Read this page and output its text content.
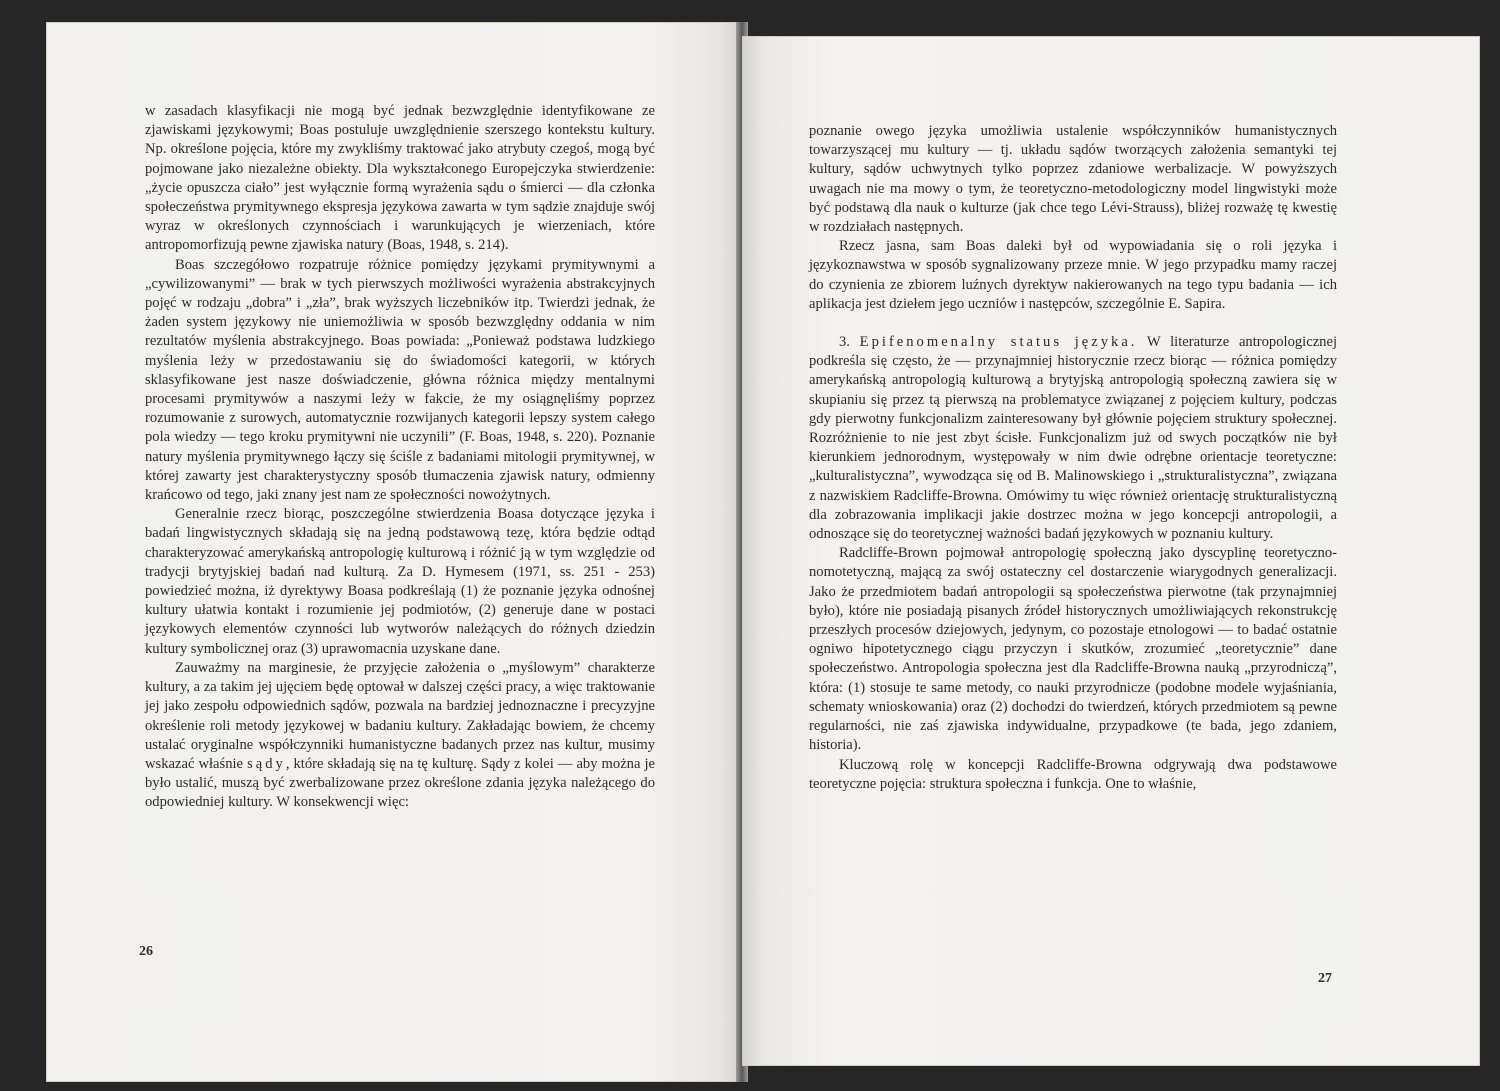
w zasadach klasyfikacji nie mogą być jednak bezwzględnie identyfikowane ze zjawiskami językowymi; Boas postuluje uwzględnienie szerszego kontekstu kultury. Np. określone pojęcia, które my zwykliśmy traktować jako atrybuty czegoś, mogą być pojmowane jako niezależne obiekty. Dla wykształconego Europejczyka stwierdzenie: „życie opuszcza ciało” jest wyłącznie formą wyrażenia sądu o śmierci — dla członka społeczeństwa prymitywnego ekspresja językowa zawarta w tym sądzie znajduje swój wyraz w określonych czynnościach i warunkujących je wierzeniach, które antropomorfizują pewne zjawiska natury (Boas, 1948, s. 214).

Boas szczegółowo rozpatruje różnice pomiędzy językami prymitywnymi a „cywilizowanymi” — brak w tych pierwszych możliwości wyrażenia abstrakcyjnych pojęć w rodzaju „dobra” i „zła”, brak wyższych liczebników itp. Twierdzi jednak, że żaden system językowy nie uniemożliwia w sposób bezwzględny oddania w nim rezultatów myślenia abstrakcyjnego. Boas powiada: „Ponieważ podstawa ludzkiego myślenia leży w przedostawaniu się do świadomości kategorii, w których sklasyfikowane jest nasze doświadczenie, główna różnica między mentalnymi procesami prymitywów a naszymi leży w fakcie, że my osiągnęliśmy poprzez rozumowanie z surowych, automatycznie rozwijanych kategorii lepszy system całego pola wiedzy — tego kroku prymitywni nie uczynili” (F. Boas, 1948, s. 220). Poznanie natury myślenia prymitywnego łączy się ściśle z badaniami mitologii prymitywnej, w której zawarty jest charakterystyczny sposób tłumaczenia zjawisk natury, odmienny krańcowo od tego, jaki znany jest nam ze społeczności nowożytnych.

Generalnie rzecz biorąc, poszczególne stwierdzenia Boasa dotyczące języka i badań lingwistycznych składają się na jedną podstawową tezę, która będzie odtąd charakteryzować amerykańską antropologię kulturową i różnić ją w tym względzie od tradycji brytyjskiej badań nad kulturą. Za D. Hymesem (1971, ss. 251 - 253) powiedzieć można, iż dyrektywy Boasa podkreślają (1) że poznanie języka odnośnej kultury ułatwia kontakt i rozumienie jej podmiotów, (2) generuje dane w postaci językowych elementów czynności lub wytworów należących do różnych dziedzin kultury symbolicznej oraz (3) uprawomacnia uzyskane dane.

Zauważmy na marginesie, że przyjęcie założenia o „myślowym” charakterze kultury, a za takim jej ujęciem będę optował w dalszej części pracy, a więc traktowanie jej jako zespołu odpowiednich sądów, pozwala na bardziej jednoznaczne i precyzyjne określenie roli metody językowej w badaniu kultury. Zakładając bowiem, że chcemy ustalać oryginalne współczynniki humanistyczne badanych przez nas kultur, musimy wskazać właśnie sądy, które składają się na tę kulturę. Sądy z kolei — aby można je było ustalić, muszą być zwerbalizowane przez określone zdania języka należącego do odpowiedniej kultury. W konsekwencji więc:

26

poznanie owego języka umożliwia ustalenie współczynników humanistycznych towarzyszącej mu kultury — tj. układu sądów tworzących założenia semantyki tej kultury, sądów uchwytnych tylko poprzez zdaniowe werbalizacje. W powyższych uwagach nie ma mowy o tym, że teoretyczno-metodologiczny model lingwistyki może być podstawą dla nauk o kulturze (jak chce tego Lévi-Strauss), bliżej rozważę tę kwestię w rozdziałach następnych.

Rzecz jasna, sam Boas daleki był od wypowiadania się o roli języka i językoznawstwa w sposób sygnalizowany przeze mnie. W jego przypadku mamy raczej do czynienia ze zbiorem luźnych dyrektyw nakierowanych na tego typu badania — ich aplikacja jest dziełem jego uczniów i następców, szczególnie E. Sapira.

3. Epifenomenalny status języka. W literaturze antropologicznej podkreśla się często, że — przynajmniej historycznie rzecz biorąc — różnica pomiędzy amerykańską antropologią kulturową a brytyjską antropologią społeczną zawiera się w skupianiu się przez tą pierwszą na problematyce związanej z pojęciem kultury, podczas gdy pierwotny funkcjonalizm zainteresowany był głównie pojęciem struktury społecznej. Rozróżnienie to nie jest zbyt ścisłe. Funkcjonalizm już od swych początków nie był kierunkiem jednorodnym, występowały w nim dwie odrębne orientacje teoretyczne: „kulturalistyczna”, wywodząca się od B. Malinowskiego i „strukturalistyczna”, związana z nazwiskiem Radcliffe-Browna. Omówimy tu więc również orientację strukturalistyczną dla zobrazowania implikacji jakie dostrzec można w jego koncepcji antropologii, a odnoszące się do teoretycznej ważności badań językowych w poznaniu kultury.

Radcliffe-Brown pojmował antropologię społeczną jako dyscyplinę teoretyczno-nomotetyczną, mającą za swój ostateczny cel dostarczenie wiarygodnych generalizacji. Jako że przedmiotem badań antropologii są społeczeństwa pierwotne (tak przynajmniej było), które nie posiadają pisanych źródeł historycznych umożliwiających rekonstrukcję przeszłych procesów dziejowych, jedynym, co pozostaje etnologowi — to badać ostatnie ogniwo hipotetycznego ciągu przyczyn i skutków, zrozumieć „teoretycznie” dane społeczeństwo. Antropologia społeczna jest dla Radcliffe-Browna nauką „przyrodniczą”, która: (1) stosuje te same metody, co nauki przyrodnicze (podobne modele wyjaśniania, schematy wnioskowania) oraz (2) dochodzi do twierdzeń, których przedmiotem są pewne regularności, nie zaś zjawiska indywidualne, przypadkowe (te bada, jego zdaniem, historia).

Kluczową rolę w koncepcji Radcliffe-Browna odgrywają dwa podstawowe teoretyczne pojęcia: struktura społeczna i funkcja. One to właśnie,

27
